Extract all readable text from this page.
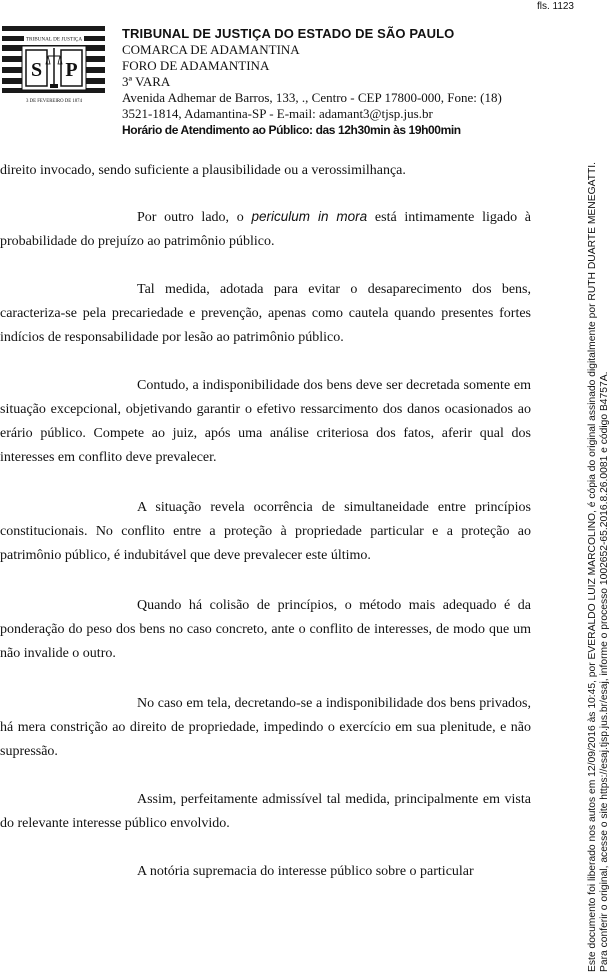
fls. 1123
TRIBUNAL DE JUSTIÇA
S P
3 DE FEVEREIRO DE 1874
TRIBUNAL DE JUSTIÇA DO ESTADO DE SÃO PAULO
COMARCA DE ADAMANTINA
FORO DE ADAMANTINA
3ª VARA
Avenida Adhemar de Barros, 133, ., Centro - CEP 17800-000, Fone: (18)
3521-1814, Adamantina-SP - E-mail: adamant3@tjsp.jus.br
Horário de Atendimento ao Público: das 12h30min às 19h00min

direito invocado, sendo suficiente a plausibilidade ou a verossimilhança.

Por outro lado, o periculum in mora está intimamente ligado à probabilidade do prejuízo ao patrimônio público.

Tal medida, adotada para evitar o desaparecimento dos bens, caracteriza-se pela precariedade e prevenção, apenas como cautela quando presentes fortes indícios de responsabilidade por lesão ao patrimônio público.

Contudo, a indisponibilidade dos bens deve ser decretada somente em situação excepcional, objetivando garantir o efetivo ressarcimento dos danos ocasionados ao erário público. Compete ao juiz, após uma análise criteriosa dos fatos, aferir qual dos interesses em conflito deve prevalecer.

A situação revela ocorrência de simultaneidade entre princípios constitucionais. No conflito entre a proteção à propriedade particular e a proteção ao patrimônio público, é indubitável que deve prevalecer este último.

Quando há colisão de princípios, o método mais adequado é da ponderação do peso dos bens no caso concreto, ante o conflito de interesses, de modo que um não invalide o outro.

No caso em tela, decretando-se a indisponibilidade dos bens privados, há mera constrição ao direito de propriedade, impedindo o exercício em sua plenitude, e não supressão.

Assim, perfeitamente admissível tal medida, principalmente em vista do relevante interesse público envolvido.

A notória supremacia do interesse público sobre o particular	Este documento foi liberado nos autos em 12/09/2016 às 10:45, por EVERALDO LUIZ MARCOLINO, é cópia do original assinado digitalmente por RUTH DUARTE MENEGATTI. Para conferir o original, acesse o site https://esaj.tjsp.jus.br/esaj, informe o processo 1002652-65.2016.8.26.0081 e código B4757A.
